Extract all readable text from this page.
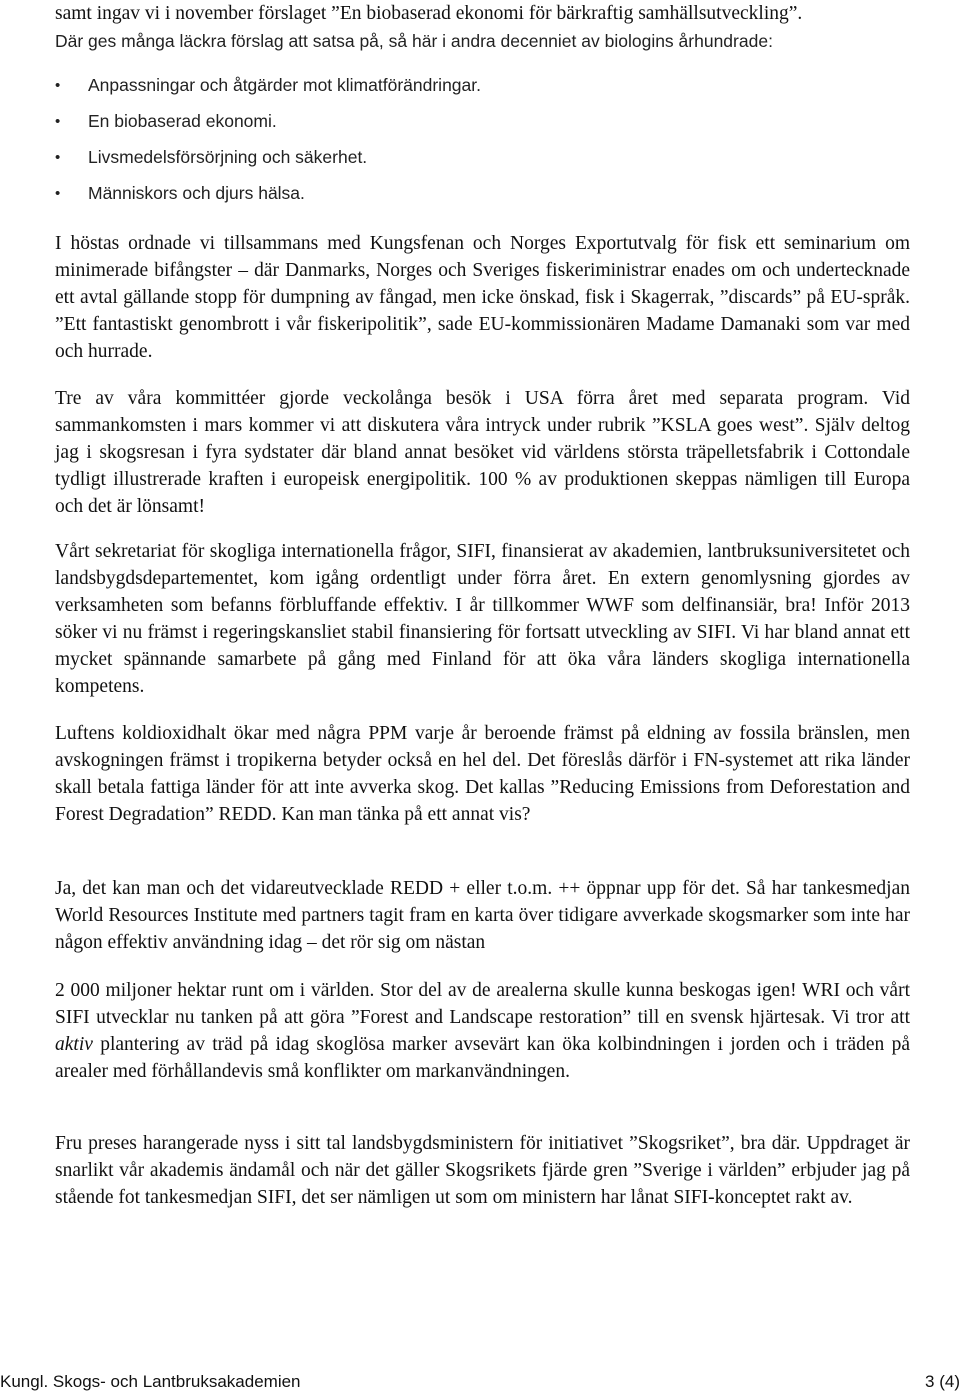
samt ingav vi i november förslaget ”En biobaserad ekonomi för bärkraftig samhällsutveckling”.

Där ges många läckra förslag att satsa på, så här i andra decenniet av biologins århundrade:

• Anpassningar och åtgärder mot klimatförändringar.
• En biobaserad ekonomi.
• Livsmedelsförsörjning och säkerhet.
• Människors och djurs hälsa.

I höstas ordnade vi tillsammans med Kungsfenan och Norges Exportutvalg för fisk ett seminarium om minimerade bifångster – där Danmarks, Norges och Sveriges fiskeriministrar enades om och undertecknade ett avtal gällande stopp för dumpning av fångad, men icke önskad, fisk i Skagerrak, ”discards” på EU-språk. ”Ett fantastiskt genombrott i vår fiskeripolitik”, sade EU-kommissionären Madame Damanaki som var med och hurrade.

Tre av våra kommittéer gjorde veckolånga besök i USA förra året med separata program. Vid sammankomsten i mars kommer vi att diskutera våra intryck under rubrik ”KSLA goes west”. Själv deltog jag i skogsresan i fyra sydstater där bland annat besöket vid världens största träpelletsfabrik i Cottondale tydligt illustrerade kraften i europeisk energipolitik. 100 % av produktionen skeppas nämligen till Europa och det är lönsamt!

Vårt sekretariat för skogliga internationella frågor, SIFI, finansierat av akademien, lantbruksuniversitetet och landsbygdsdepartementet, kom igång ordentligt under förra året. En extern genomlysning gjordes av verksamheten som befanns förbluffande effektiv. I år tillkommer WWF som delfinansiär, bra! Inför 2013 söker vi nu främst i regeringskansliet stabil finansiering för fortsatt utveckling av SIFI. Vi har bland annat ett mycket spännande samarbete på gång med Finland för att öka våra länders skogliga internationella kompetens.

Luftens koldioxidhalt ökar med några PPM varje år beroende främst på eldning av fossila bränslen, men avskogningen främst i tropikerna betyder också en hel del. Det föreslås därför i FN-systemet att rika länder skall betala fattiga länder för att inte avverka skog. Det kallas ”Reducing Emissions from Deforestation and Forest Degradation” REDD. Kan man tänka på ett annat vis?

Ja, det kan man och det vidareutvecklade REDD + eller t.o.m. ++ öppnar upp för det. Så har tankesmedjan World Resources Institute med partners tagit fram en karta över tidigare avverkade skogsmarker som inte har någon effektiv användning idag – det rör sig om nästan

2 000 miljoner hektar runt om i världen. Stor del av de arealerna skulle kunna beskogas igen! WRI och vårt SIFI utvecklar nu tanken på att göra ”Forest and Landscape restoration” till en svensk hjärtesak. Vi tror att aktiv plantering av träd på idag skoglösa marker avsevärt kan öka kolbindningen i jorden och i träden på arealer med förhållandevis små konflikter om markanvändningen.

Fru preses harangerade nyss i sitt tal landsbygdsministern för initiativet ”Skogsriket”, bra där. Uppdraget är snarlikt vår akademis ändamål och när det gäller Skogsrikets fjärde gren ”Sverige i världen” erbjuder jag på stående fot tankesmedjan SIFI, det ser nämligen ut som om ministern har lånat SIFI-konceptet rakt av.

Kungl. Skogs- och Lantbruksakademien	3 (4)
